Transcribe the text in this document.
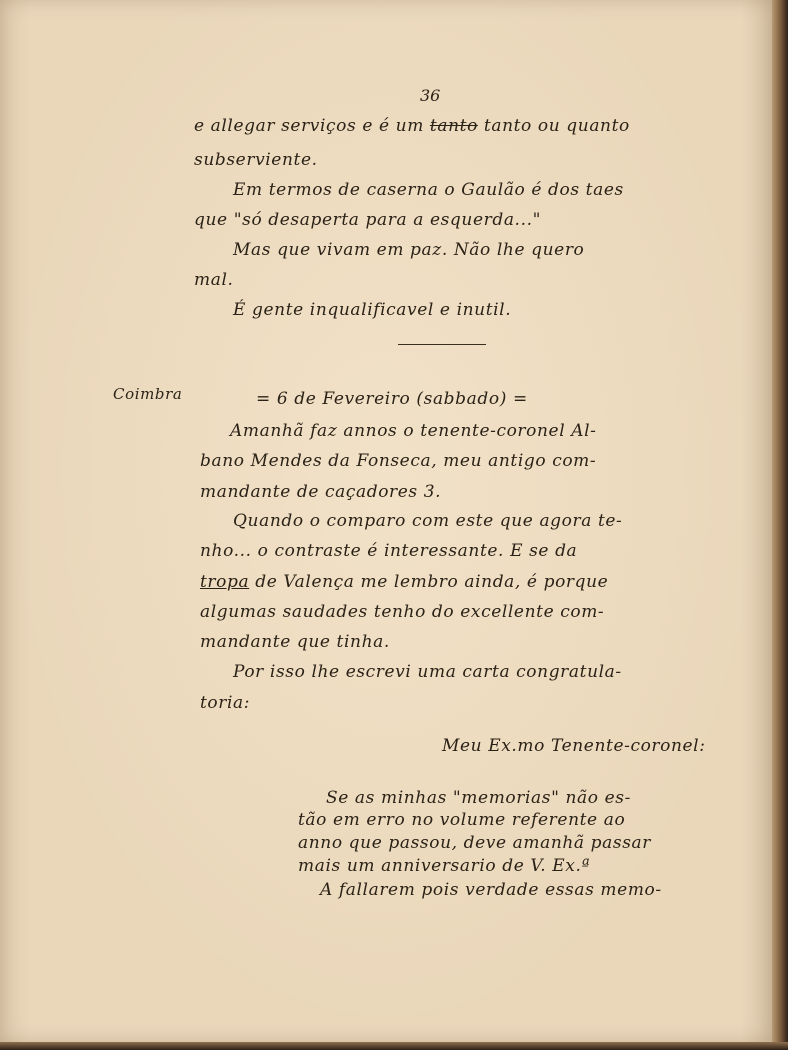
36
e allegar serviços e é um tanto tanto ou quanto
subserviente.
Em termos de caserna o Gaulão é dos taes
que "só desaperta para a esquerda..."
Mas que vivam em paz. Não lhe quero
mal.
É gente inqualificavel e inutil.
Coimbra	= 6 de Fevereiro (sabbado) =
Amanhã faz annos o tenente-coronel Al-
bano Mendes da Fonseca, meu antigo com-
mandante de caçadores 3.
Quando o comparo com este que agora te-
nho... o contraste é interessante. E se da
tropa de Valença me lembro ainda, é porque
algumas saudades tenho do excellente com-
mandante que tinha.
Por isso lhe escrevi uma carta congratula-
toria:
Meu Ex.mo Tenente-coronel:
Se as minhas "memorias" não es-
tão em erro no volume referente ao
anno que passou, deve amanhã passar
mais um anniversario de V. Ex.ª
A fallarem pois verdade essas memo-
